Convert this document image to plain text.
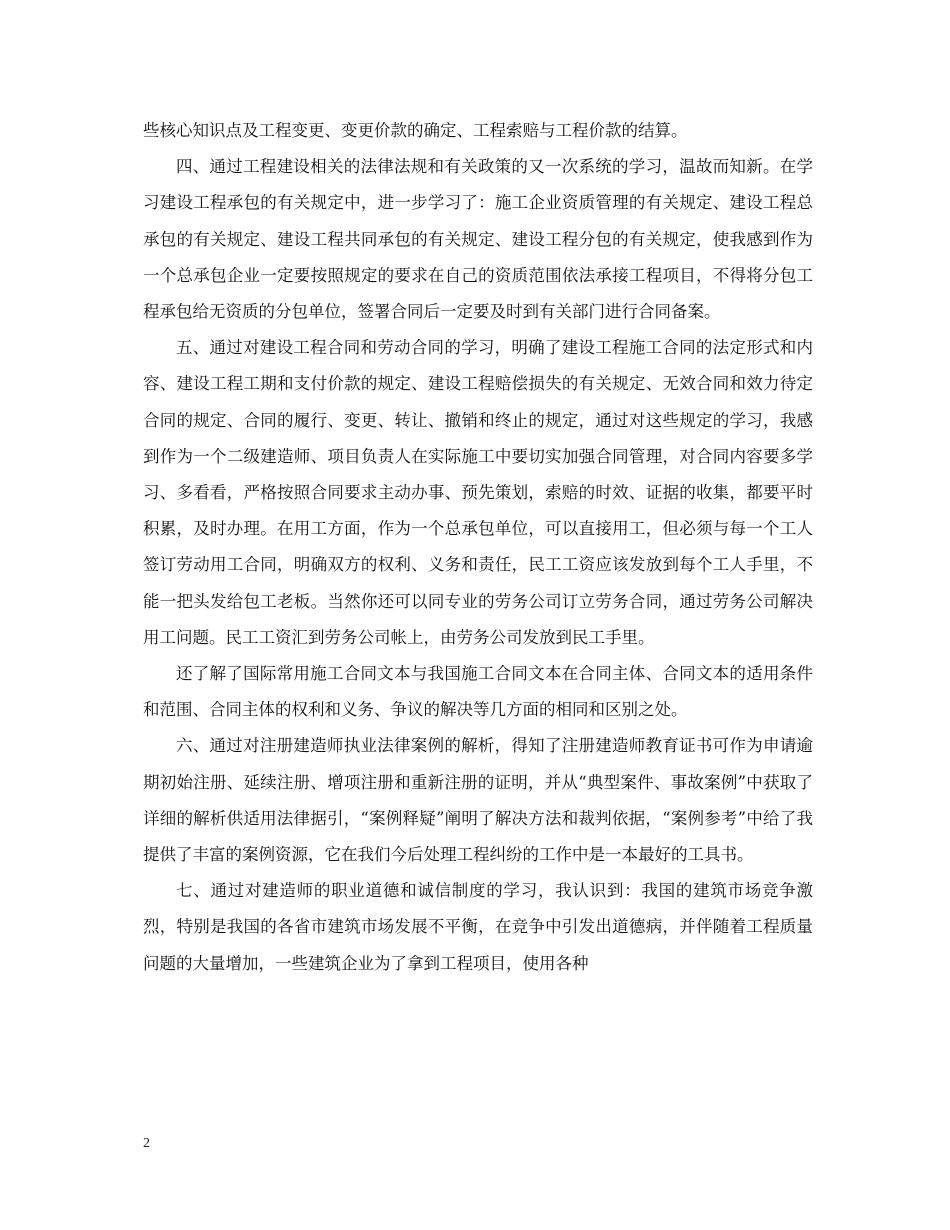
些核心知识点及工程变更、变更价款的确定、工程索赔与工程价款的结算。

四、通过工程建设相关的法律法规和有关政策的又一次系统的学习，温故而知新。在学习建设工程承包的有关规定中，进一步学习了：施工企业资质管理的有关规定、建设工程总承包的有关规定、建设工程共同承包的有关规定、建设工程分包的有关规定，使我感到作为一个总承包企业一定要按照规定的要求在自己的资质范围依法承接工程项目，不得将分包工程承包给无资质的分包单位，签署合同后一定要及时到有关部门进行合同备案。

五、通过对建设工程合同和劳动合同的学习，明确了建设工程施工合同的法定形式和内容、建设工程工期和支付价款的规定、建设工程赔偿损失的有关规定、无效合同和效力待定合同的规定、合同的履行、变更、转让、撤销和终止的规定，通过对这些规定的学习，我感到作为一个二级建造师、项目负责人在实际施工中要切实加强合同管理，对合同内容要多学习、多看看，严格按照合同要求主动办事、预先策划，索赔的时效、证据的收集，都要平时积累，及时办理。在用工方面，作为一个总承包单位，可以直接用工，但必须与每一个工人签订劳动用工合同，明确双方的权利、义务和责任，民工工资应该发放到每个工人手里，不能一把头发给包工老板。当然你还可以同专业的劳务公司订立劳务合同，通过劳务公司解决用工问题。民工工资汇到劳务公司帐上，由劳务公司发放到民工手里。

还了解了国际常用施工合同文本与我国施工合同文本在合同主体、合同文本的适用条件和范围、合同主体的权利和义务、争议的解决等几方面的相同和区别之处。

六、通过对注册建造师执业法律案例的解析，得知了注册建造师教育证书可作为申请逾期初始注册、延续注册、增项注册和重新注册的证明，并从“典型案件、事故案例”中获取了详细的解析供适用法律据引，“案例释疑”阐明了解决方法和裁判依据，“案例参考”中给了我提供了丰富的案例资源，它在我们今后处理工程纠纷的工作中是一本最好的工具书。

七、通过对建造师的职业道德和诚信制度的学习，我认识到：我国的建筑市场竞争激烈，特别是我国的各省市建筑市场发展不平衡，在竞争中引发出道德病，并伴随着工程质量问题的大量增加，一些建筑企业为了拿到工程项目，使用各种

2
